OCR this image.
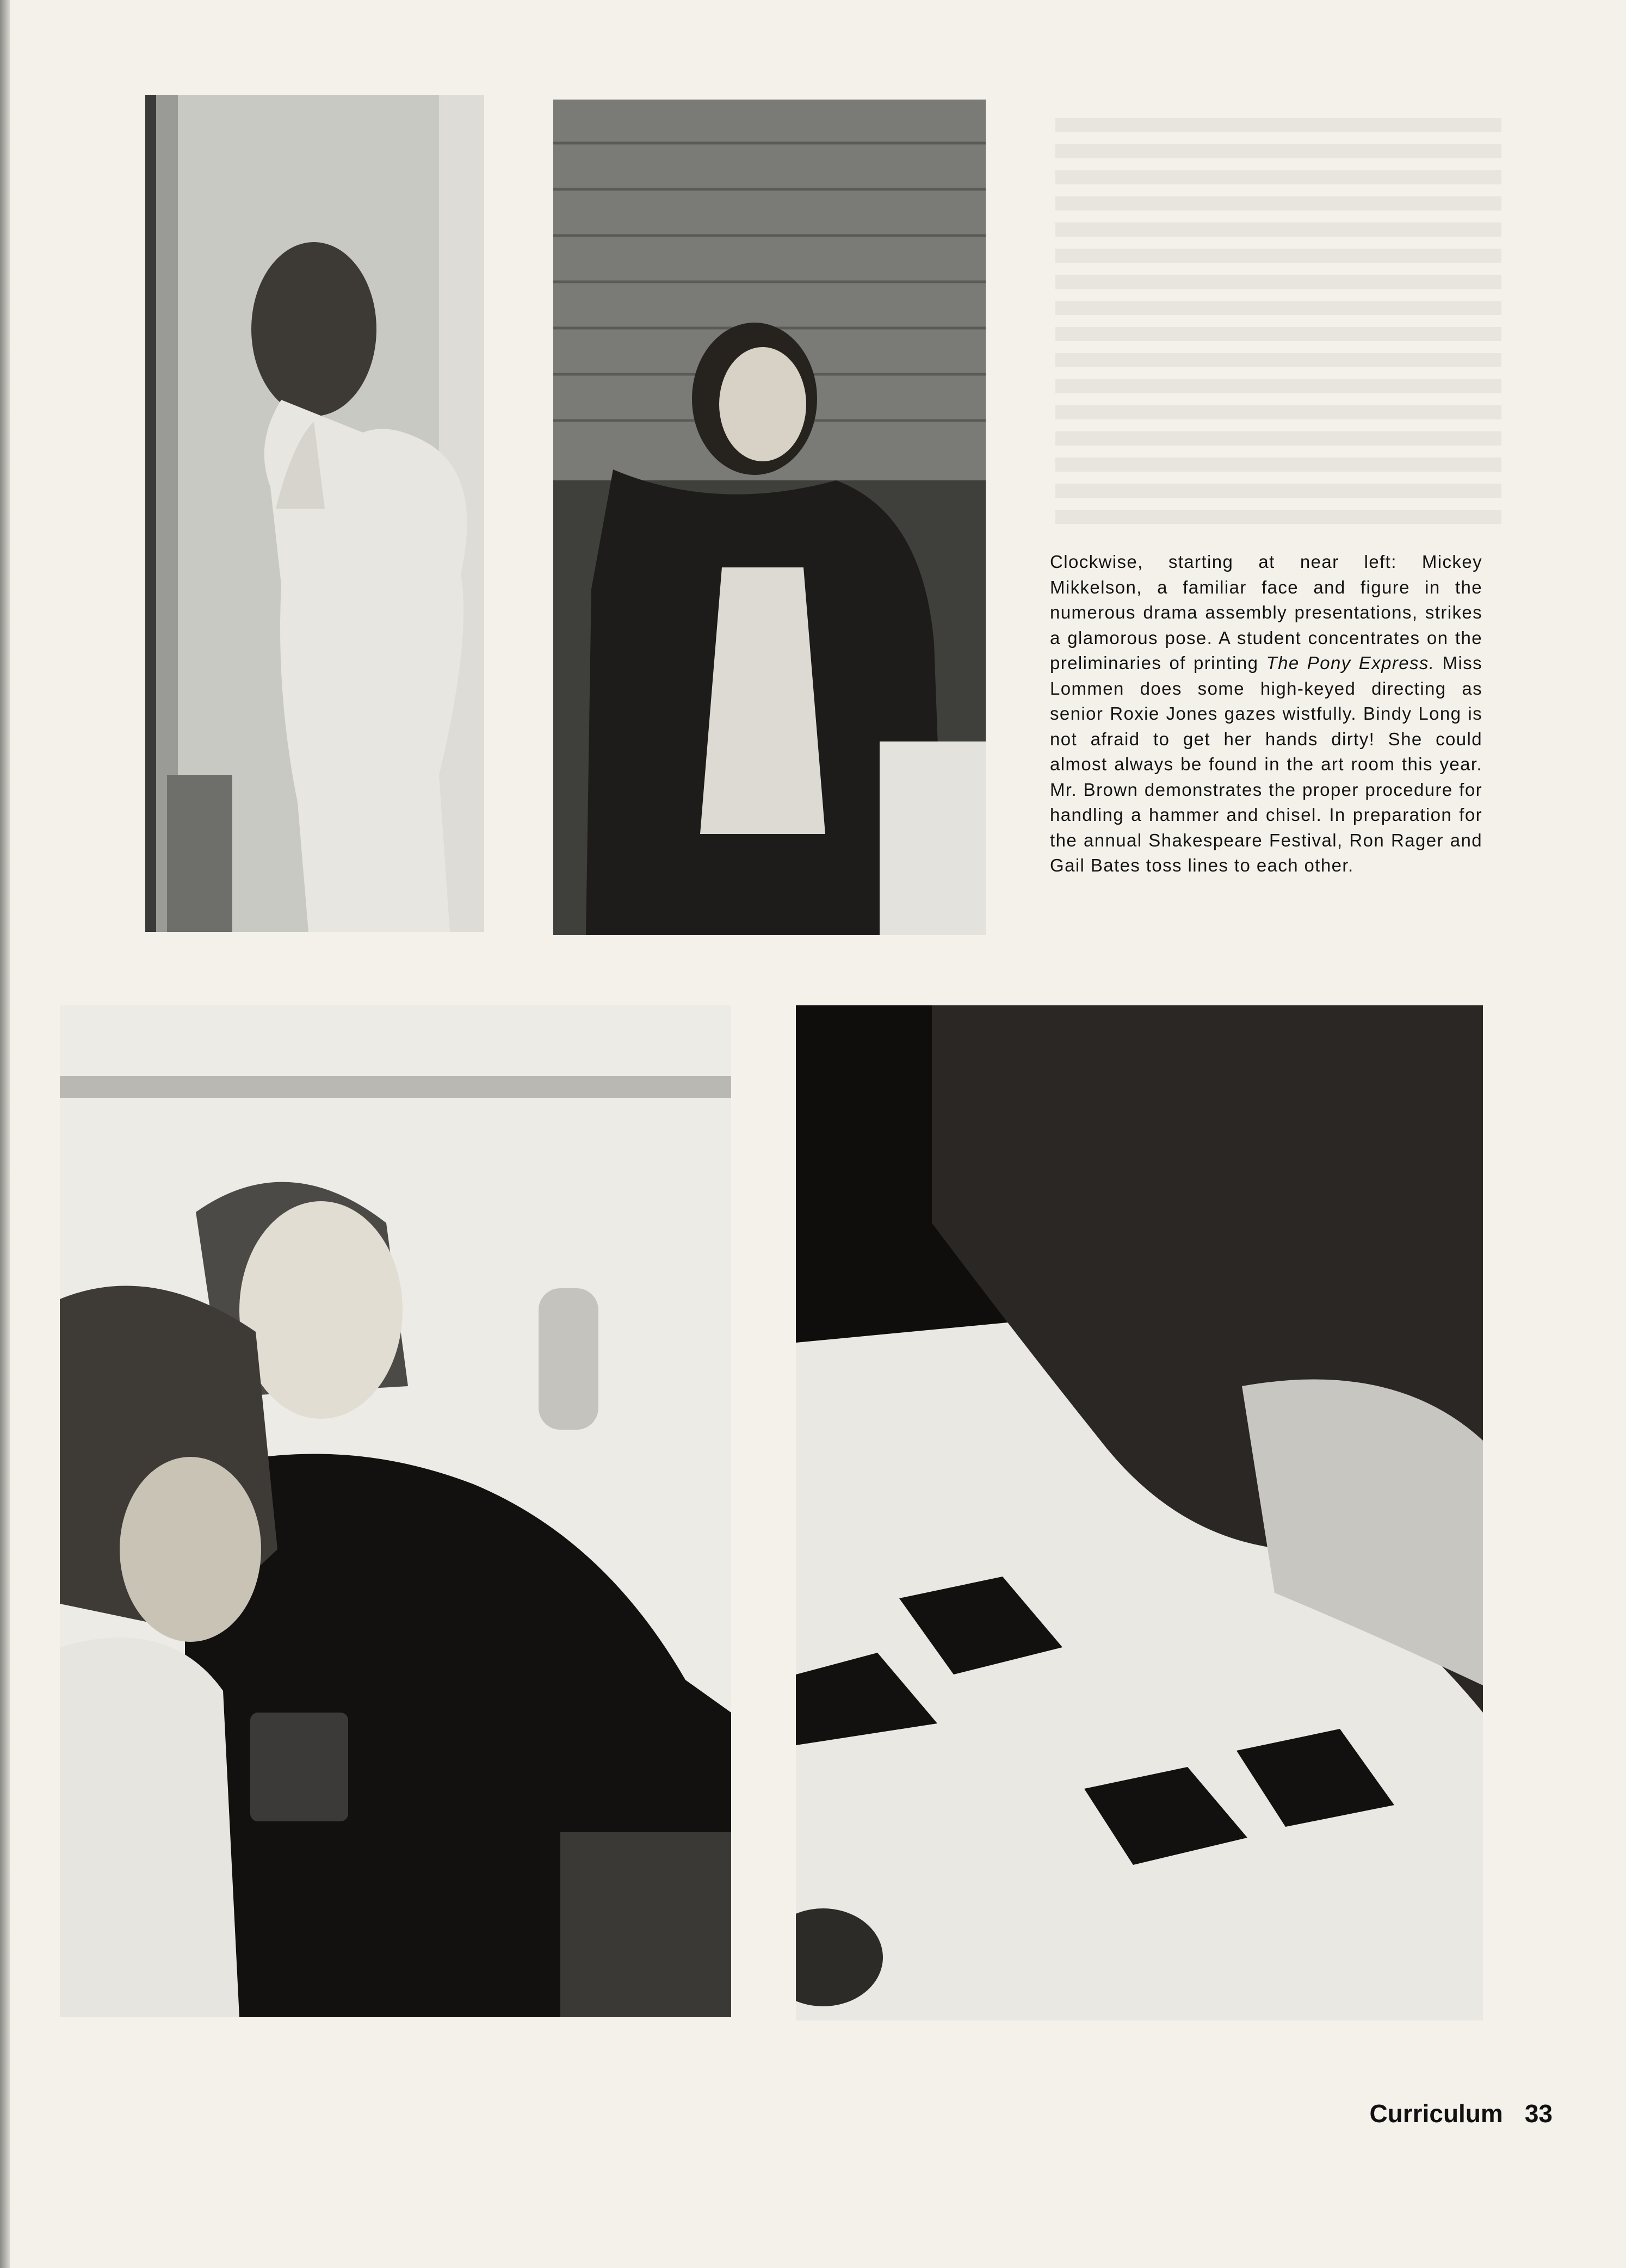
Clockwise, starting at near left: Mickey Mikkelson, a familiar face and figure in the numerous drama assembly presentations, strikes a glamorous pose. A student concentrates on the preliminaries of printing The Pony Express. Miss Lommen does some high-keyed directing as senior Roxie Jones gazes wistfully. Bindy Long is not afraid to get her hands dirty! She could almost always be found in the art room this year. Mr. Brown demonstrates the proper procedure for handling a hammer and chisel. In preparation for the annual Shakespeare Festival, Ron Rager and Gail Bates toss lines to each other.

Curriculum 33
